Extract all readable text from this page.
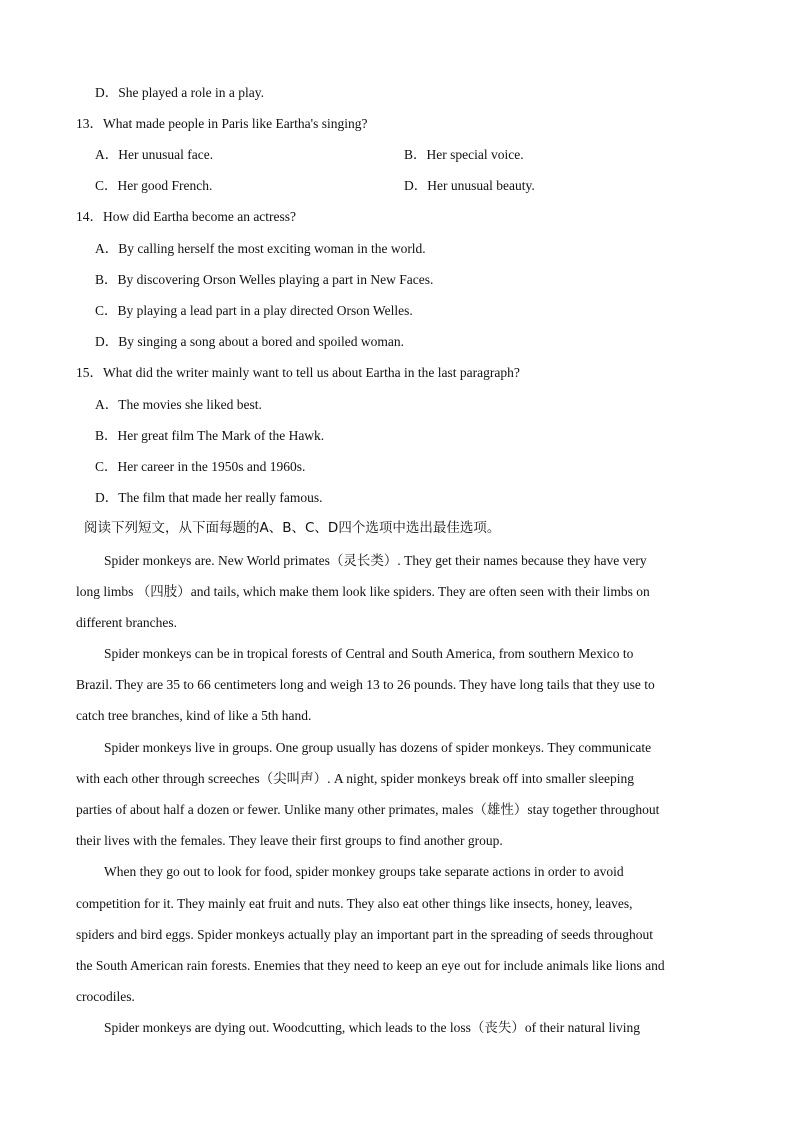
D．She played a role in a play.
13．What made people in Paris like Eartha's singing?
A．Her unusual face.	B．Her special voice.
C．Her good French.	D．Her unusual beauty.
14．How did Eartha become an actress?
A．By calling herself the most exciting woman in the world.
B．By discovering Orson Welles playing a part in New Faces.
C．By playing a lead part in a play directed Orson Welles.
D．By singing a song about a bored and spoiled woman.
15．What did the writer mainly want to tell us about Eartha in the last paragraph?
A．The movies she liked best.
B．Her great film The Mark of the Hawk.
C．Her career in the 1950s and 1960s.
D．The film that made her really famous.
阅读下列短文，从下面每题的A、B、C、D四个选项中选出最佳选项。
Spider monkeys are. New World primates（灵长类）. They get their names because they have very
long limbs （四肢）and tails, which make them look like spiders. They are often seen with their limbs on
different branches.
Spider monkeys can be in tropical forests of Central and South America, from southern Mexico to
Brazil. They are 35 to 66 centimeters long and weigh 13 to 26 pounds. They have long tails that they use to
catch tree branches, kind of like a 5th hand.
Spider monkeys live in groups. One group usually has dozens of spider monkeys. They communicate
with each other through screeches（尖叫声）. A night, spider monkeys break off into smaller sleeping
parties of about half a dozen or fewer. Unlike many other primates, males（雄性）stay together throughout
their lives with the females. They leave their first groups to find another group.
When they go out to look for food, spider monkey groups take separate actions in order to avoid
competition for it. They mainly eat fruit and nuts. They also eat other things like insects, honey, leaves,
spiders and bird eggs. Spider monkeys actually play an important part in the spreading of seeds throughout
the South American rain forests. Enemies that they need to keep an eye out for include animals like lions and
crocodiles.
Spider monkeys are dying out. Woodcutting, which leads to the loss（丧失）of their natural living
